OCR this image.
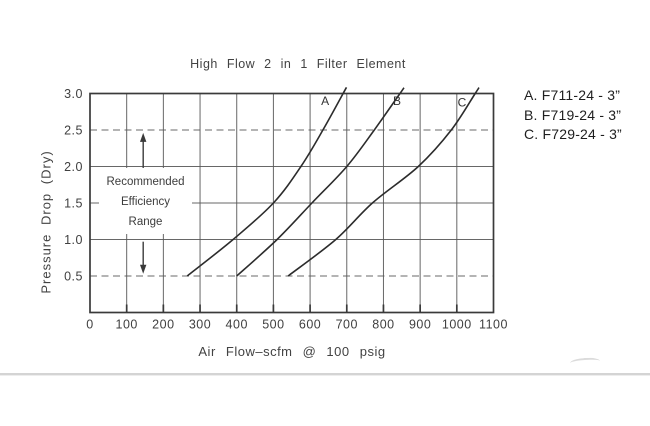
High Flow 2 in 1 Filter Element
A. F711-24 - 3”
B. F719-24 - 3”
C. F729-24 - 3”
Pressure Drop (Dry)
Air Flow–scfm @ 100 psig
0 100 200 300 400 500 600 700 800 900 1000 1100
0.5
1.0
1.5
2.0
2.5
3.0	A	B	C
Recommended
Efficiency
Range
